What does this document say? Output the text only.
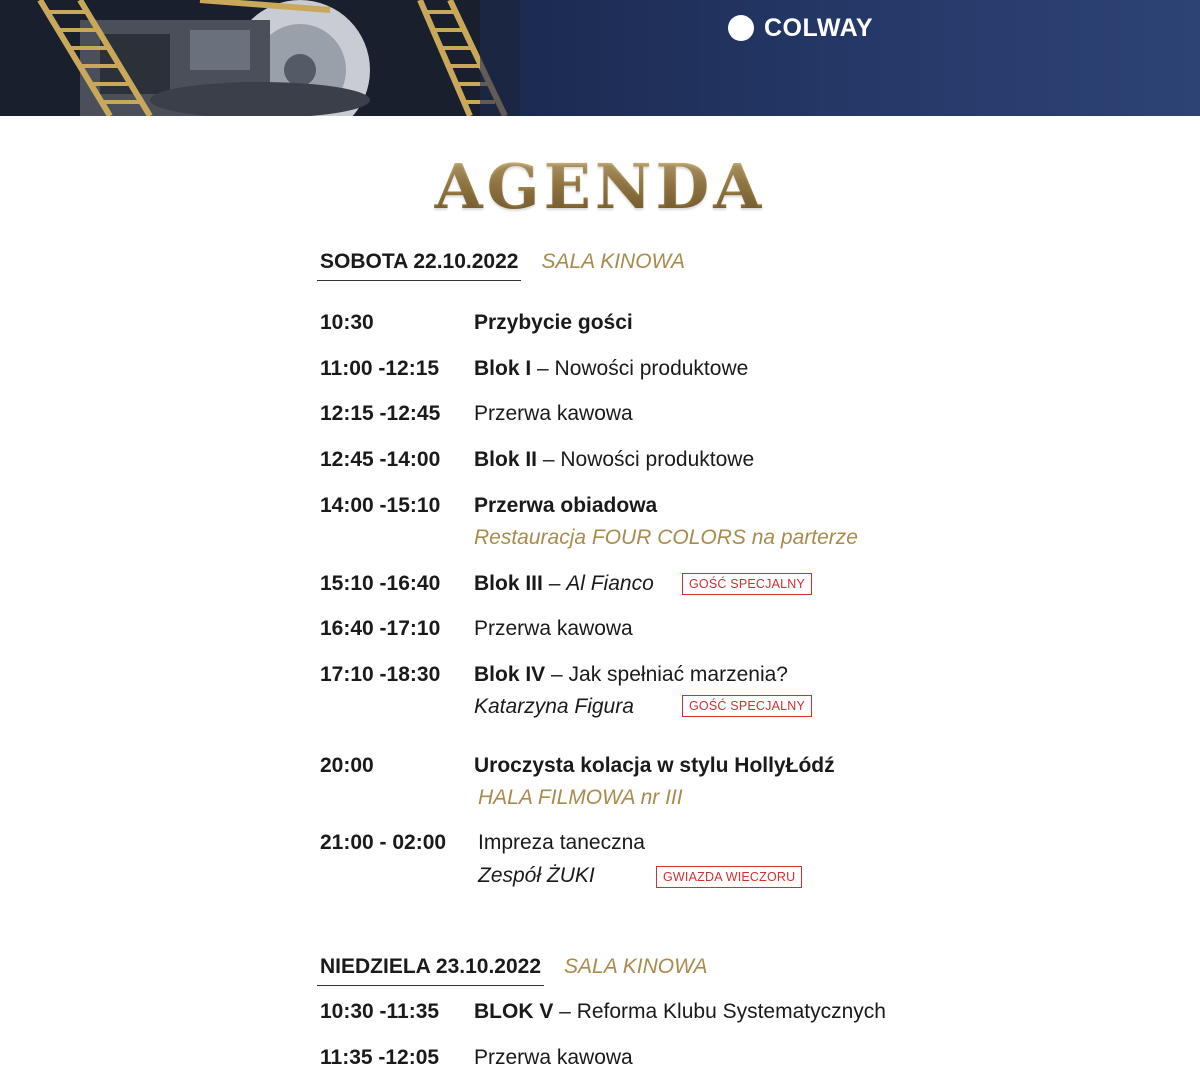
COLWAY
AGENDA
SOBOTA 22.10.2022 SALA KINOWA
10:30	Przybycie gości
11:00 -12:15 Blok I – Nowości produktowe
12:15 -12:45 Przerwa kawowa
12:45 -14:00 Blok II – Nowości produktowe
14:00 -15:10 Przerwa obiadowa
Restauracja FOUR COLORS na parterze
15:10 -16:40 Blok III – Al Fianco	GOŚĆ SPECJALNY
16:40 -17:10 Przerwa kawowa
17:10 -18:30 Blok IV – Jak spełniać marzenia?
Katarzyna Figura	GOŚĆ SPECJALNY
20:00	Uroczysta kolacja w stylu HollyŁódź
HALA FILMOWA nr III
21:00 - 02:00 Impreza taneczna
Zespół ŻUKI	GWIAZDA WIECZORU
NIEDZIELA 23.10.2022 SALA KINOWA
10:30 -11:35 BLOK V – Reforma Klubu Systematycznych
11:35 -12:05 Przerwa kawowa
